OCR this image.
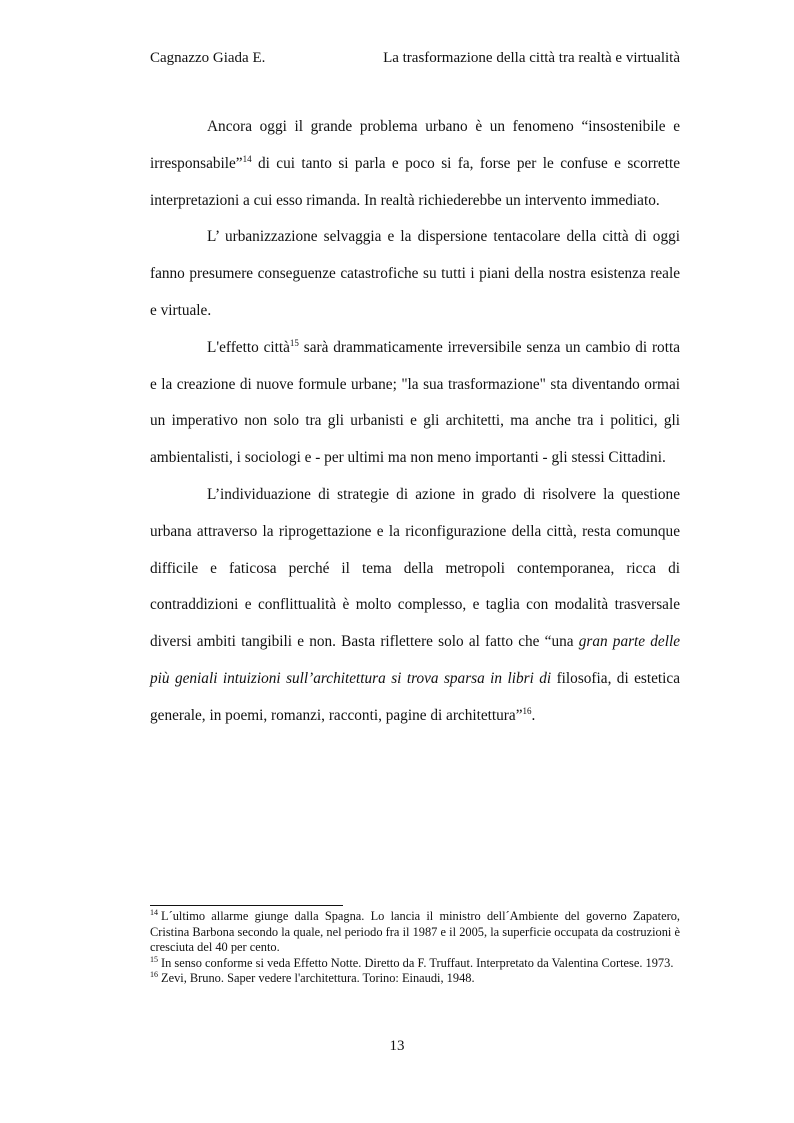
Cagnazzo Giada E.	La trasformazione della città tra realtà e virtualità

Ancora oggi il grande problema urbano è un fenomeno “insostenibile e irresponsabile”$^{14}$ di cui tanto si parla e poco si fa, forse per le confuse e scorrette interpretazioni a cui esso rimanda. In realtà richiederebbe un intervento immediato.

L’ urbanizzazione selvaggia e la dispersione tentacolare della città di oggi fanno presumere conseguenze catastrofiche su tutti i piani della nostra esistenza reale e virtuale.

L'effetto città$^{15}$ sarà drammaticamente irreversibile senza un cambio di rotta e la creazione di nuove formule urbane; "la sua trasformazione" sta diventando ormai un imperativo non solo tra gli urbanisti e gli architetti, ma anche tra i politici, gli ambientalisti, i sociologi e - per ultimi ma non meno importanti - gli stessi Cittadini.

L’individuazione di strategie di azione in grado di risolvere la questione urbana attraverso la riprogettazione e la riconfigurazione della città, resta comunque difficile e faticosa perché il tema della metropoli contemporanea, ricca di contraddizioni e conflittualità è molto complesso, e taglia con modalità trasversale diversi ambiti tangibili e non. Basta riflettere solo al fatto che “una gran parte delle più geniali intuizioni sull’architettura si trova sparsa in libri di filosofia, di estetica generale, in poemi, romanzi, racconti, pagine di architettura”$^{16}$.

$^{14}$ L´ultimo allarme giunge dalla Spagna. Lo lancia il ministro dell´Ambiente del governo Zapatero, Cristina Barbona secondo la quale, nel periodo fra il 1987 e il 2005, la superficie occupata da costruzioni è cresciuta del 40 per cento.

$^{15}$ In senso conforme si veda Effetto Notte. Diretto da F. Truffaut. Interpretato da Valentina Cortese. 1973.

$^{16}$ Zevi, Bruno. Saper vedere l'architettura. Torino: Einaudi, 1948.

13
